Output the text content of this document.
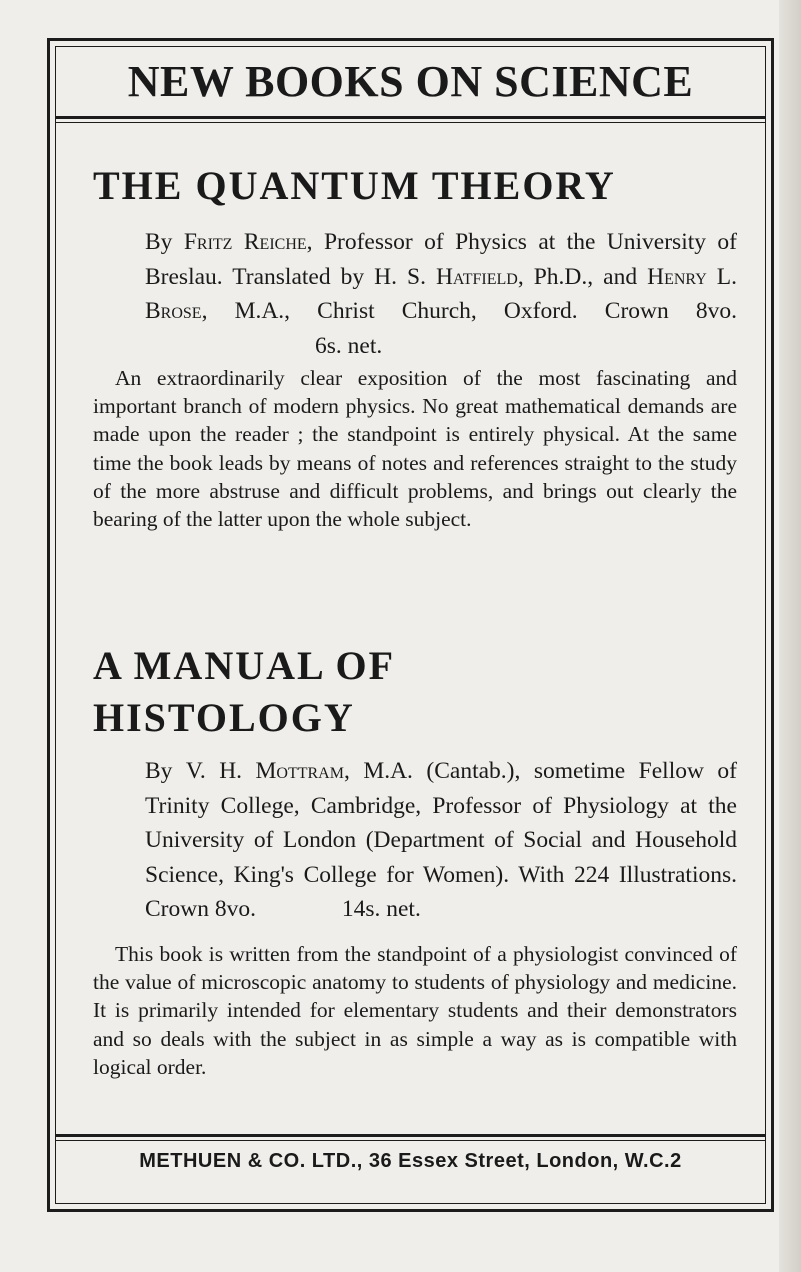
NEW BOOKS ON SCIENCE
THE QUANTUM THEORY

By Fritz Reiche, Professor of Physics at the University of Breslau. Translated by H. S. Hatfield, Ph.D., and Henry L. Brose, M.A., Christ Church, Oxford. Crown 8vo. 6s. net.

An extraordinarily clear exposition of the most fascinating and important branch of modern physics. No great mathematical demands are made upon the reader ; the standpoint is entirely physical. At the same time the book leads by means of notes and references straight to the study of the more abstruse and difficult problems, and brings out clearly the bearing of the latter upon the whole subject.

A MANUAL OF
HISTOLOGY

By V. H. Mottram, M.A. (Cantab.), sometime Fellow of Trinity College, Cambridge, Professor of Physiology at the University of London (Department of Social and Household Science, King's College for Women). With 224 Illustrations. Crown 8vo.	14s. net.

This book is written from the standpoint of a physiologist convinced of the value of microscopic anatomy to students of physiology and medicine. It is primarily intended for elementary students and their demonstrators and so deals with the subject in as simple a way as is compatible with logical order.

METHUEN & CO. LTD., 36 Essex Street, London, W.C.2
